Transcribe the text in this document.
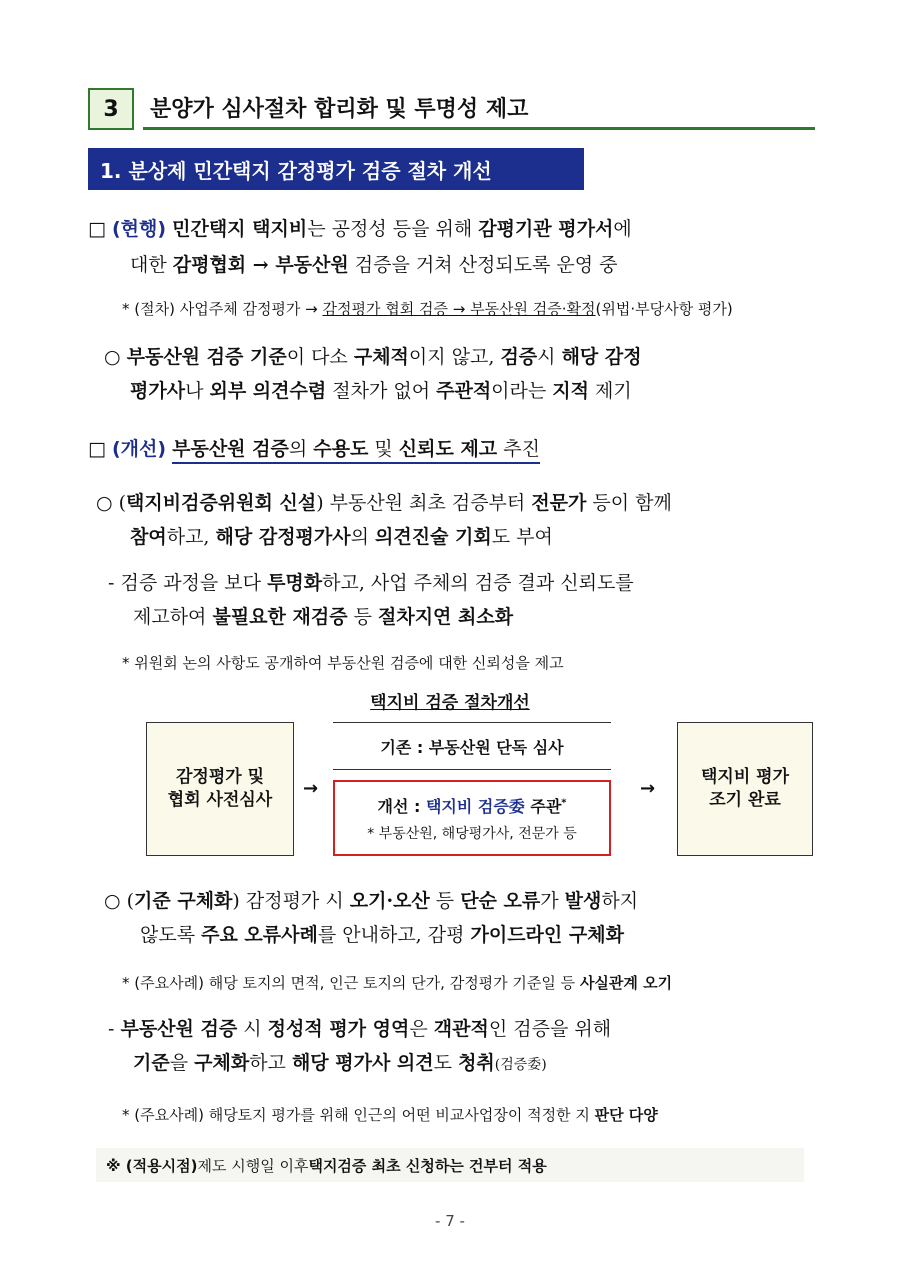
3	분양가 심사절차 합리화 및 투명성 제고
1. 분상제 민간택지 감정평가 검증 절차 개선
□ (현행) 민간택지 택지비는 공정성 등을 위해 감평기관 평가서에
대한 감평협회 → 부동산원 검증을 거쳐 산정되도록 운영 중
* (절차) 사업주체 감정평가 → 감정평가 협회 검증 → 부동산원 검증·확정(위법·부당사항 평가)
○ 부동산원 검증 기준이 다소 구체적이지 않고, 검증시 해당 감정
평가사나 외부 의견수렴 절차가 없어 주관적이라는 지적 제기
□ (개선) 부동산원 검증의 수용도 및 신뢰도 제고 추진
○ (택지비검증위원회 신설) 부동산원 최초 검증부터 전문가 등이 함께
참여하고, 해당 감정평가사의 의견진술 기회도 부여
- 검증 과정을 보다 투명화하고, 사업 주체의 검증 결과 신뢰도를
제고하여 불필요한 재검증 등 절차지연 최소화
* 위원회 논의 사항도 공개하여 부동산원 검증에 대한 신뢰성을 제고
택지비 검증 절차개선
감정평가 및
협회 사전심사
→
기존 : 부동산원 단독 심사
개선 : 택지비 검증委 주관*
* 부동산원, 해당평가사, 전문가 등
→
택지비 평가
조기 완료
○ (기준 구체화) 감정평가 시 오기·오산 등 단순 오류가 발생하지
않도록 주요 오류사례를 안내하고, 감평 가이드라인 구체화
* (주요사례) 해당 토지의 면적, 인근 토지의 단가, 감정평가 기준일 등 사실관계 오기
- 부동산원 검증 시 정성적 평가 영역은 객관적인 검증을 위해
기준을 구체화하고 해당 평가사 의견도 청취(검증委)
* (주요사례) 해당토지 평가를 위해 인근의 어떤 비교사업장이 적정한 지 판단 다양
※ (적용시점) 제도 시행일 이후 택지검증 최초 신청하는 건부터 적용
- 7 -
